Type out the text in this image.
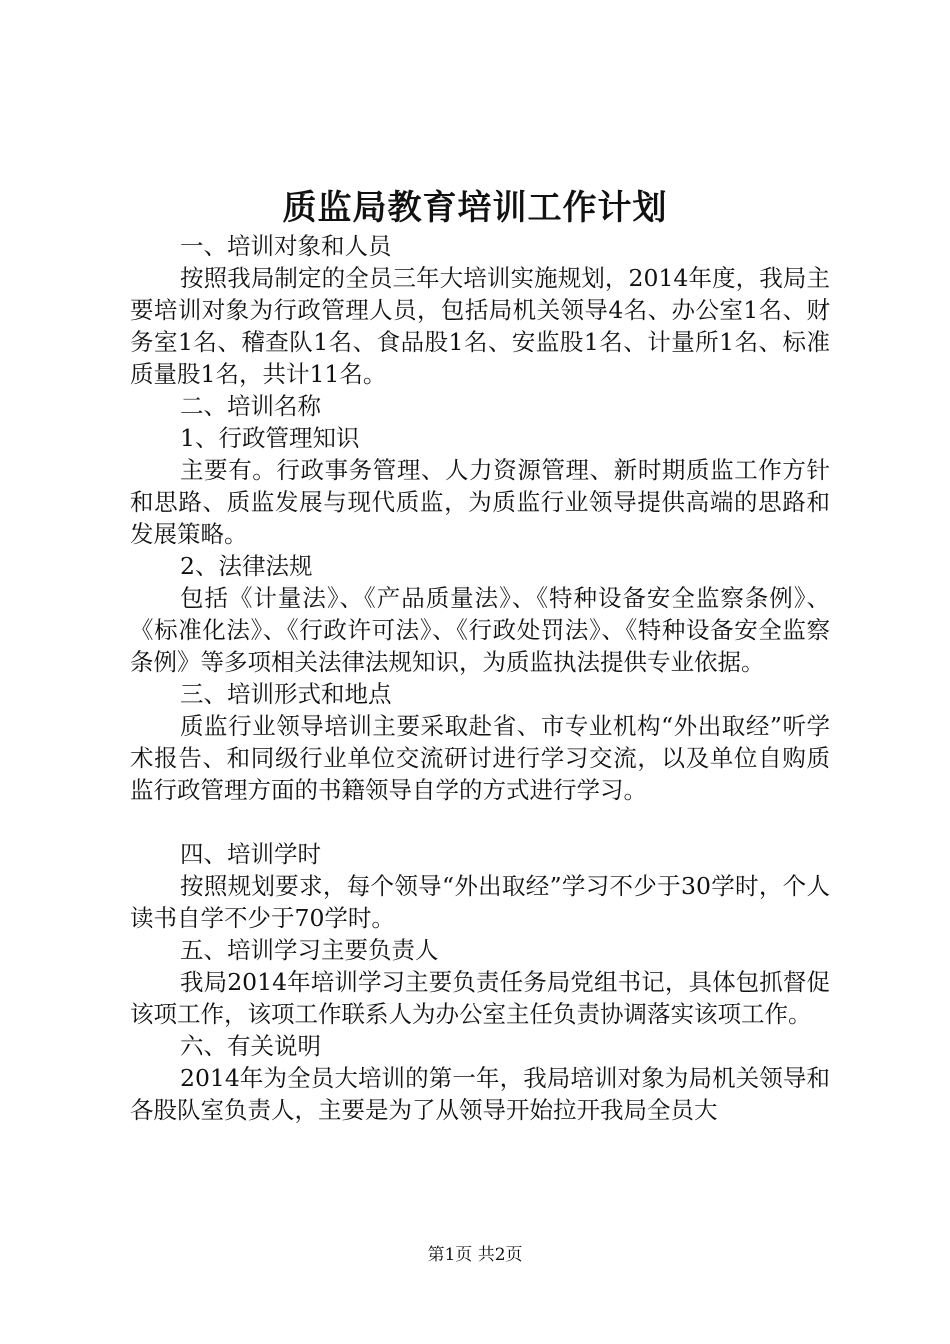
质监局教育培训工作计划

一、培训对象和人员

按照我局制定的全员三年大培训实施规划，2014年度，我局主要培训对象为行政管理人员，包括局机关领导4名、办公室1名、财务室1名、稽查队1名、食品股1名、安监股1名、计量所1名、标准质量股1名，共计11名。

二、培训名称

1、行政管理知识

主要有。行政事务管理、人力资源管理、新时期质监工作方针和思路、质监发展与现代质监，为质监行业领导提供高端的思路和发展策略。

2、法律法规

包括《计量法》、《产品质量法》、《特种设备安全监察条例》、《标准化法》、《行政许可法》、《行政处罚法》、《特种设备安全监察条例》等多项相关法律法规知识，为质监执法提供专业依据。

三、培训形式和地点

质监行业领导培训主要采取赴省、市专业机构“外出取经”听学术报告、和同级行业单位交流研讨进行学习交流，以及单位自购质监行政管理方面的书籍领导自学的方式进行学习。

四、培训学时

按照规划要求，每个领导“外出取经”学习不少于30学时，个人读书自学不少于70学时。

五、培训学习主要负责人

我局2014年培训学习主要负责任务局党组书记，具体包抓督促该项工作，该项工作联系人为办公室主任负责协调落实该项工作。

六、有关说明

2014年为全员大培训的第一年，我局培训对象为局机关领导和各股队室负责人，主要是为了从领导开始拉开我局全员大

第1页 共2页
